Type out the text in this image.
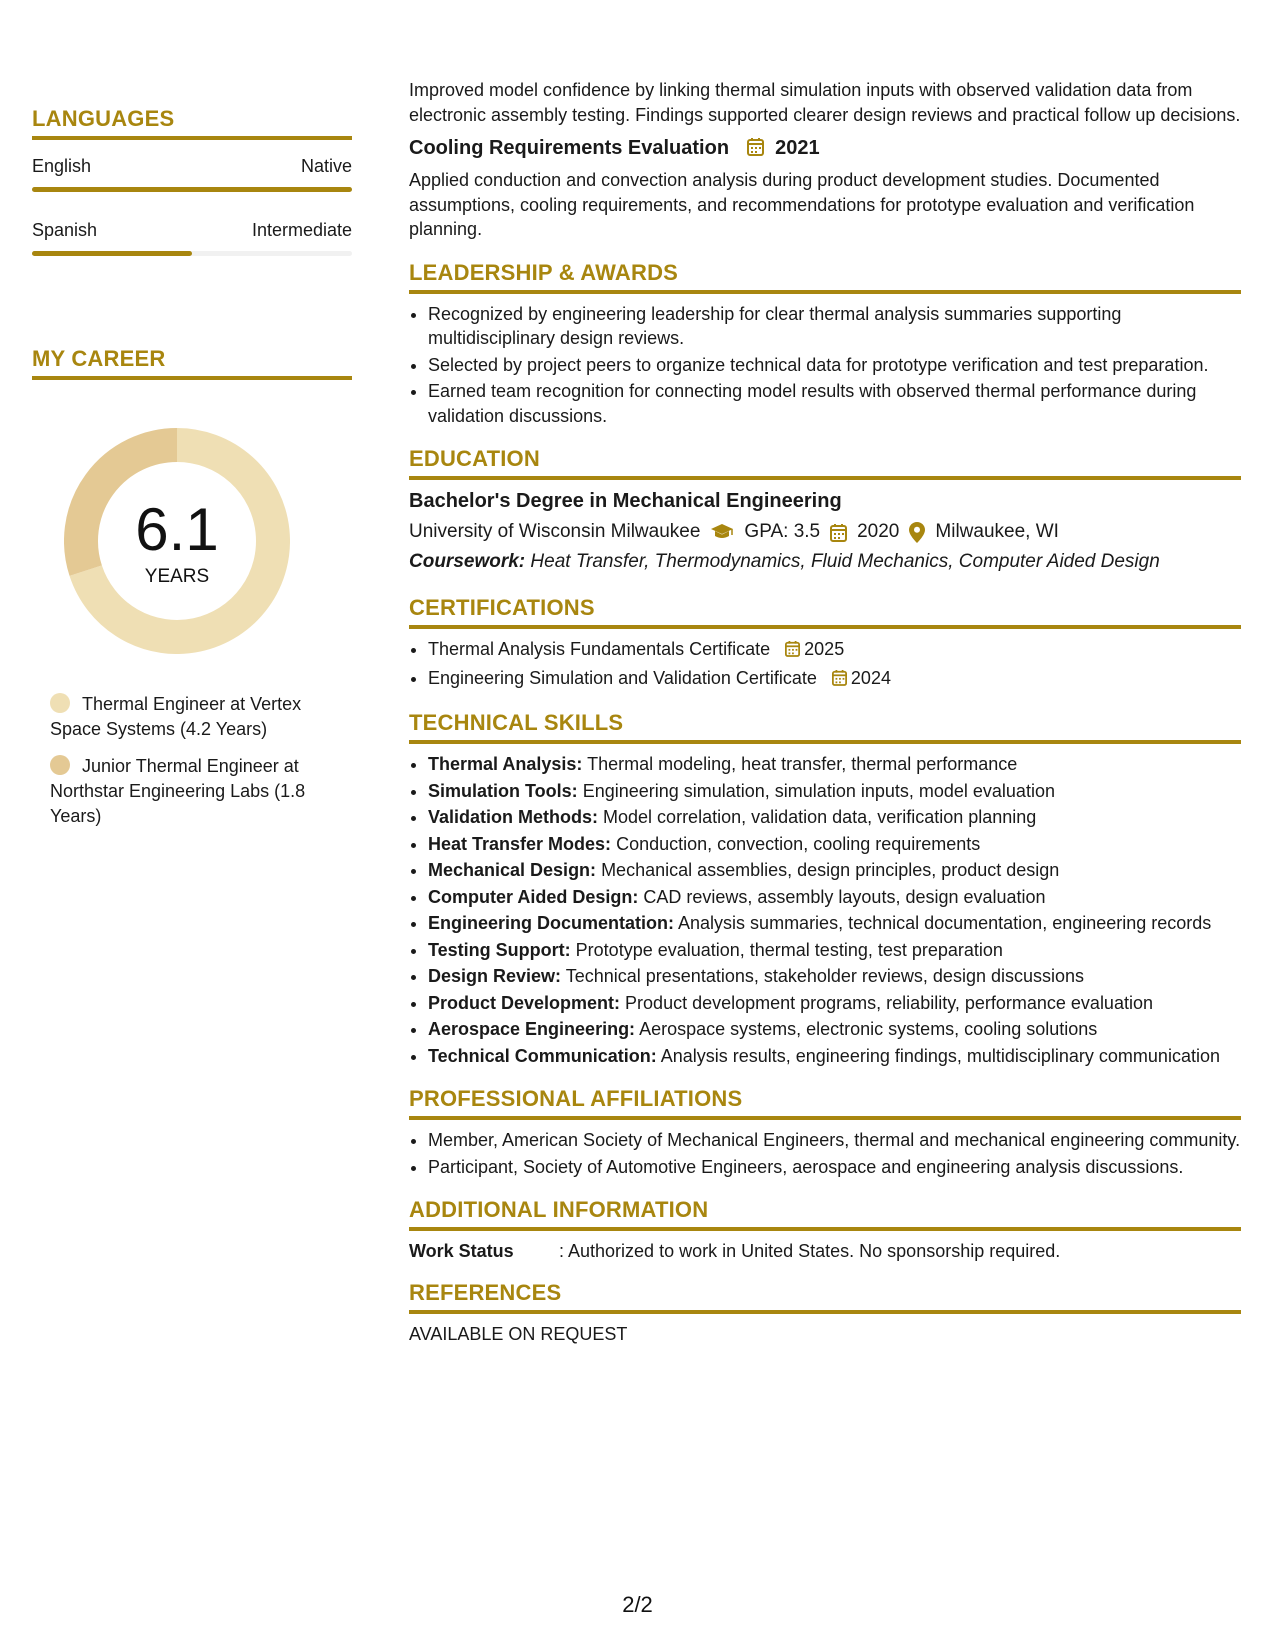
LANGUAGES
English	Native
Spanish	Intermediate
MY CAREER
6.1
YEARS
Thermal Engineer at Vertex Space Systems (4.2 Years)
Junior Thermal Engineer at Northstar Engineering Labs (1.8 Years)
Improved model confidence by linking thermal simulation inputs with observed validation data from electronic assembly testing. Findings supported clearer design reviews and practical follow up decisions.
Cooling Requirements Evaluation 2021
Applied conduction and convection analysis during product development studies. Documented assumptions, cooling requirements, and recommendations for prototype evaluation and verification planning.
LEADERSHIP & AWARDS
• Recognized by engineering leadership for clear thermal analysis summaries supporting multidisciplinary design reviews.
• Selected by project peers to organize technical data for prototype verification and test preparation.
• Earned team recognition for connecting model results with observed thermal performance during validation discussions.
EDUCATION
Bachelor's Degree in Mechanical Engineering
University of Wisconsin Milwaukee GPA: 3.5 2020 Milwaukee, WI
Coursework: Heat Transfer, Thermodynamics, Fluid Mechanics, Computer Aided Design
CERTIFICATIONS
• Thermal Analysis Fundamentals Certificate 2025
• Engineering Simulation and Validation Certificate 2024
TECHNICAL SKILLS
• Thermal Analysis: Thermal modeling, heat transfer, thermal performance
• Simulation Tools: Engineering simulation, simulation inputs, model evaluation
• Validation Methods: Model correlation, validation data, verification planning
• Heat Transfer Modes: Conduction, convection, cooling requirements
• Mechanical Design: Mechanical assemblies, design principles, product design
• Computer Aided Design: CAD reviews, assembly layouts, design evaluation
• Engineering Documentation: Analysis summaries, technical documentation, engineering records
• Testing Support: Prototype evaluation, thermal testing, test preparation
• Design Review: Technical presentations, stakeholder reviews, design discussions
• Product Development: Product development programs, reliability, performance evaluation
• Aerospace Engineering: Aerospace systems, electronic systems, cooling solutions
• Technical Communication: Analysis results, engineering findings, multidisciplinary communication
PROFESSIONAL AFFILIATIONS
• Member, American Society of Mechanical Engineers, thermal and mechanical engineering community.
• Participant, Society of Automotive Engineers, aerospace and engineering analysis discussions.
ADDITIONAL INFORMATION
Work Status	: Authorized to work in United States. No sponsorship required.
REFERENCES
AVAILABLE ON REQUEST
2/2
